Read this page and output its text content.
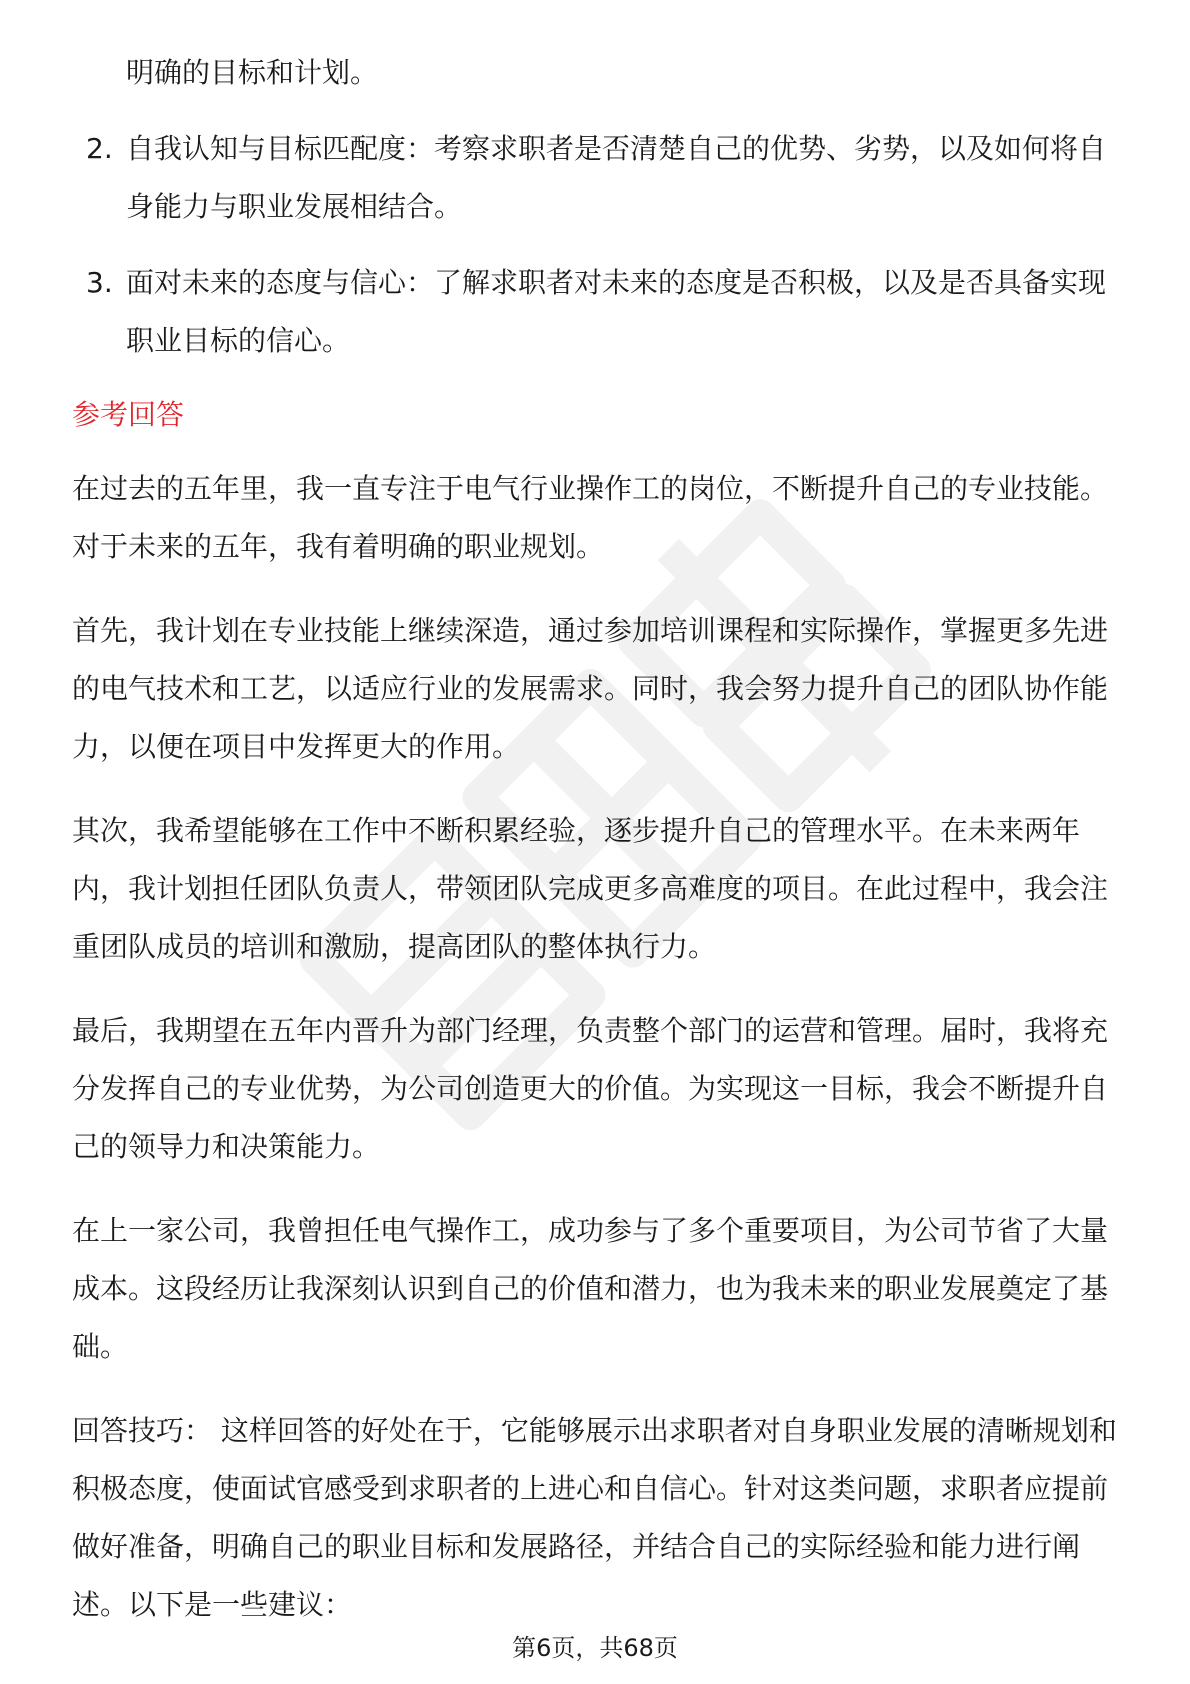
明确的目标和计划。
2. 自我认知与目标匹配度：考察求职者是否清楚自己的优势、劣势，以及如何将自身能力与职业发展相结合。
3. 面对未来的态度与信心：了解求职者对未来的态度是否积极，以及是否具备实现职业目标的信心。
参考回答

在过去的五年里，我一直专注于电气行业操作工的岗位，不断提升自己的专业技能。对于未来的五年，我有着明确的职业规划。

首先，我计划在专业技能上继续深造，通过参加培训课程和实际操作，掌握更多先进的电气技术和工艺，以适应行业的发展需求。同时，我会努力提升自己的团队协作能力，以便在项目中发挥更大的作用。

其次，我希望能够在工作中不断积累经验，逐步提升自己的管理水平。在未来两年内，我计划担任团队负责人，带领团队完成更多高难度的项目。在此过程中，我会注重团队成员的培训和激励，提高团队的整体执行力。

最后，我期望在五年内晋升为部门经理，负责整个部门的运营和管理。届时，我将充分发挥自己的专业优势，为公司创造更大的价值。为实现这一目标，我会不断提升自己的领导力和决策能力。

在上一家公司，我曾担任电气操作工，成功参与了多个重要项目，为公司节省了大量成本。这段经历让我深刻认识到自己的价值和潜力，也为我未来的职业发展奠定了基础。

回答技巧： 这样回答的好处在于，它能够展示出求职者对自身职业发展的清晰规划和积极态度，使面试官感受到求职者的上进心和自信心。针对这类问题，求职者应提前做好准备，明确自己的职业目标和发展路径，并结合自己的实际经验和能力进行阐述。以下是一些建议：

第6页，共68页
